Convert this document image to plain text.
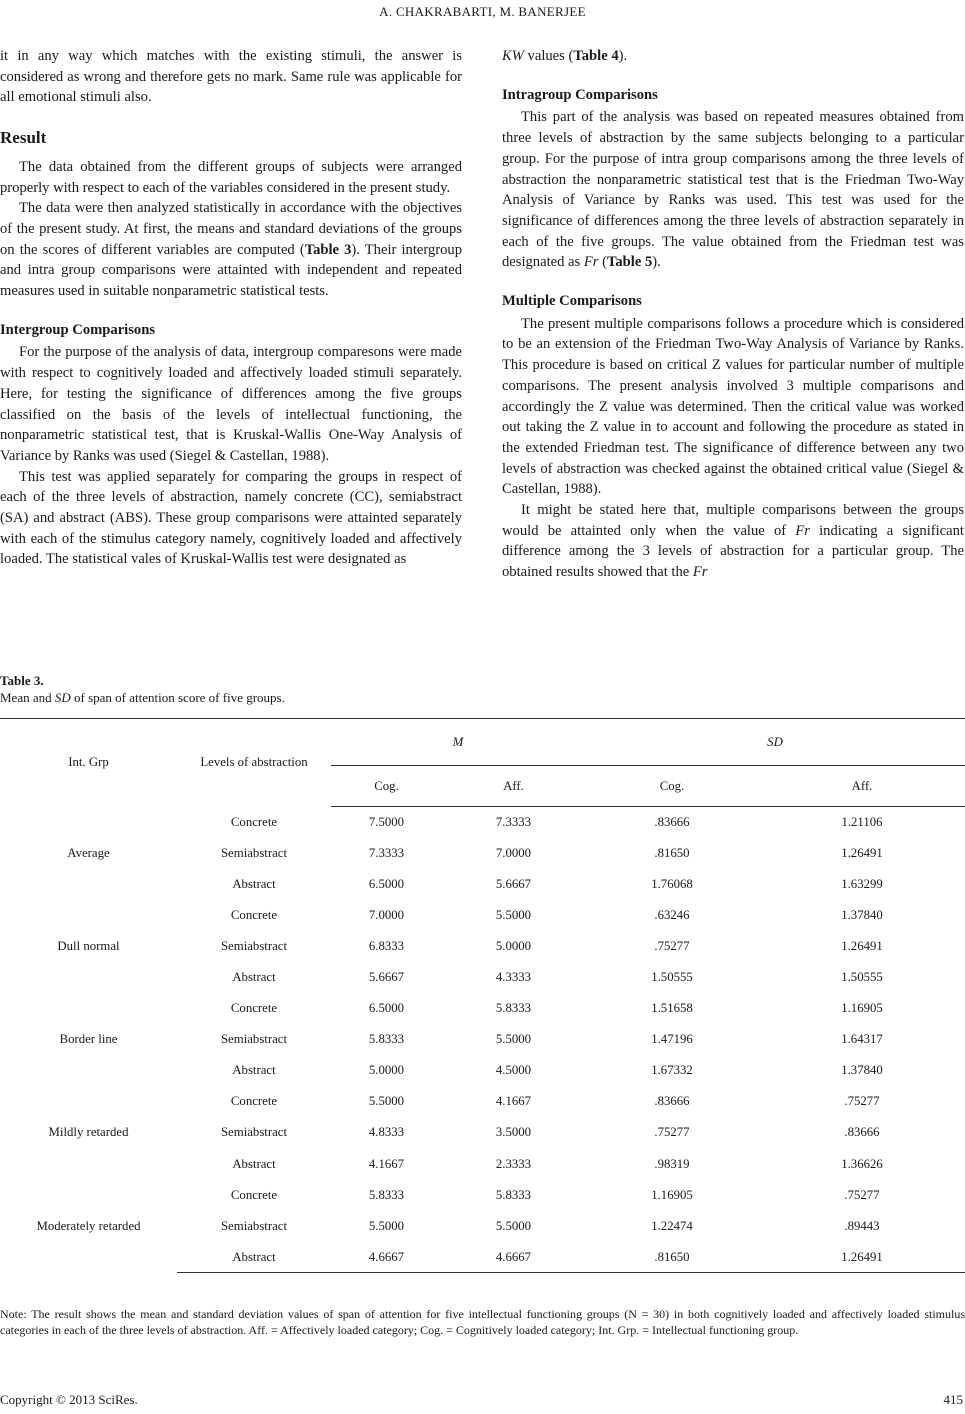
A. CHAKRABARTI, M. BANERJEE

it in any way which matches with the existing stimuli, the answer is considered as wrong and therefore gets no mark. Same rule was applicable for all emotional stimuli also.

Result

The data obtained from the different groups of subjects were arranged properly with respect to each of the variables considered in the present study.

The data were then analyzed statistically in accordance with the objectives of the present study. At first, the means and standard deviations of the groups on the scores of different variables are computed (Table 3). Their intergroup and intra group comparisons were attainted with independent and repeated measures used in suitable nonparametric statistical tests.

Intergroup Comparisons

For the purpose of the analysis of data, intergroup comparesons were made with respect to cognitively loaded and affectively loaded stimuli separately. Here, for testing the significance of differences among the five groups classified on the basis of the levels of intellectual functioning, the nonparametric statistical test, that is Kruskal-Wallis One-Way Analysis of Variance by Ranks was used (Siegel & Castellan, 1988).

This test was applied separately for comparing the groups in respect of each of the three levels of abstraction, namely concrete (CC), semiabstract (SA) and abstract (ABS). These group comparisons were attainted separately with each of the stimulus category namely, cognitively loaded and affectively loaded. The statistical vales of Kruskal-Wallis test were designated as

KW values (Table 4).

Intragroup Comparisons

This part of the analysis was based on repeated measures obtained from three levels of abstraction by the same subjects belonging to a particular group. For the purpose of intra group comparisons among the three levels of abstraction the nonparametric statistical test that is the Friedman Two-Way Analysis of Variance by Ranks was used. This test was used for the significance of differences among the three levels of abstraction separately in each of the five groups. The value obtained from the Friedman test was designated as Fr (Table 5).

Multiple Comparisons

The present multiple comparisons follows a procedure which is considered to be an extension of the Friedman Two-Way Analysis of Variance by Ranks. This procedure is based on critical Z values for particular number of multiple comparisons. The present analysis involved 3 multiple comparisons and accordingly the Z value was determined. Then the critical value was worked out taking the Z value in to account and following the procedure as stated in the extended Friedman test. The significance of difference between any two levels of abstraction was checked against the obtained critical value (Siegel & Castellan, 1988).

It might be stated here that, multiple comparisons between the groups would be attainted only when the value of Fr indicating a significant difference among the 3 levels of abstraction for a particular group. The obtained results showed that the Fr

Table 3.
Mean and SD of span of attention score of five groups.
Int. Grp	Levels of abstraction	M		SD	
		Cog.	Aff.	Cog.	Aff.
Average	Concrete	7.5000	7.3333	.83666	1.21106
	Semiabstract	7.3333	7.0000	.81650	1.26491
	Abstract	6.5000	5.6667	1.76068	1.63299
Dull normal	Concrete	7.0000	5.5000	.63246	1.37840
	Semiabstract	6.8333	5.0000	.75277	1.26491
	Abstract	5.6667	4.3333	1.50555	1.50555
Border line	Concrete	6.5000	5.8333	1.51658	1.16905
	Semiabstract	5.8333	5.5000	1.47196	1.64317
	Abstract	5.0000	4.5000	1.67332	1.37840
Mildly retarded	Concrete	5.5000	4.1667	.83666	.75277
	Semiabstract	4.8333	3.5000	.75277	.83666
	Abstract	4.1667	2.3333	.98319	1.36626
Moderately retarded	Concrete	5.8333	5.8333	1.16905	.75277
	Semiabstract	5.5000	5.5000	1.22474	.89443
	Abstract	4.6667	4.6667	.81650	1.26491
Note: The result shows the mean and standard deviation values of span of attention for five intellectual functioning groups (N = 30) in both cognitively loaded and affectively loaded stimulus categories in each of the three levels of abstraction. Aff. = Affectively loaded category; Cog. = Cognitively loaded category; Int. Grp. = Intellectual functioning group.
Copyright © 2013 SciRes.	415
